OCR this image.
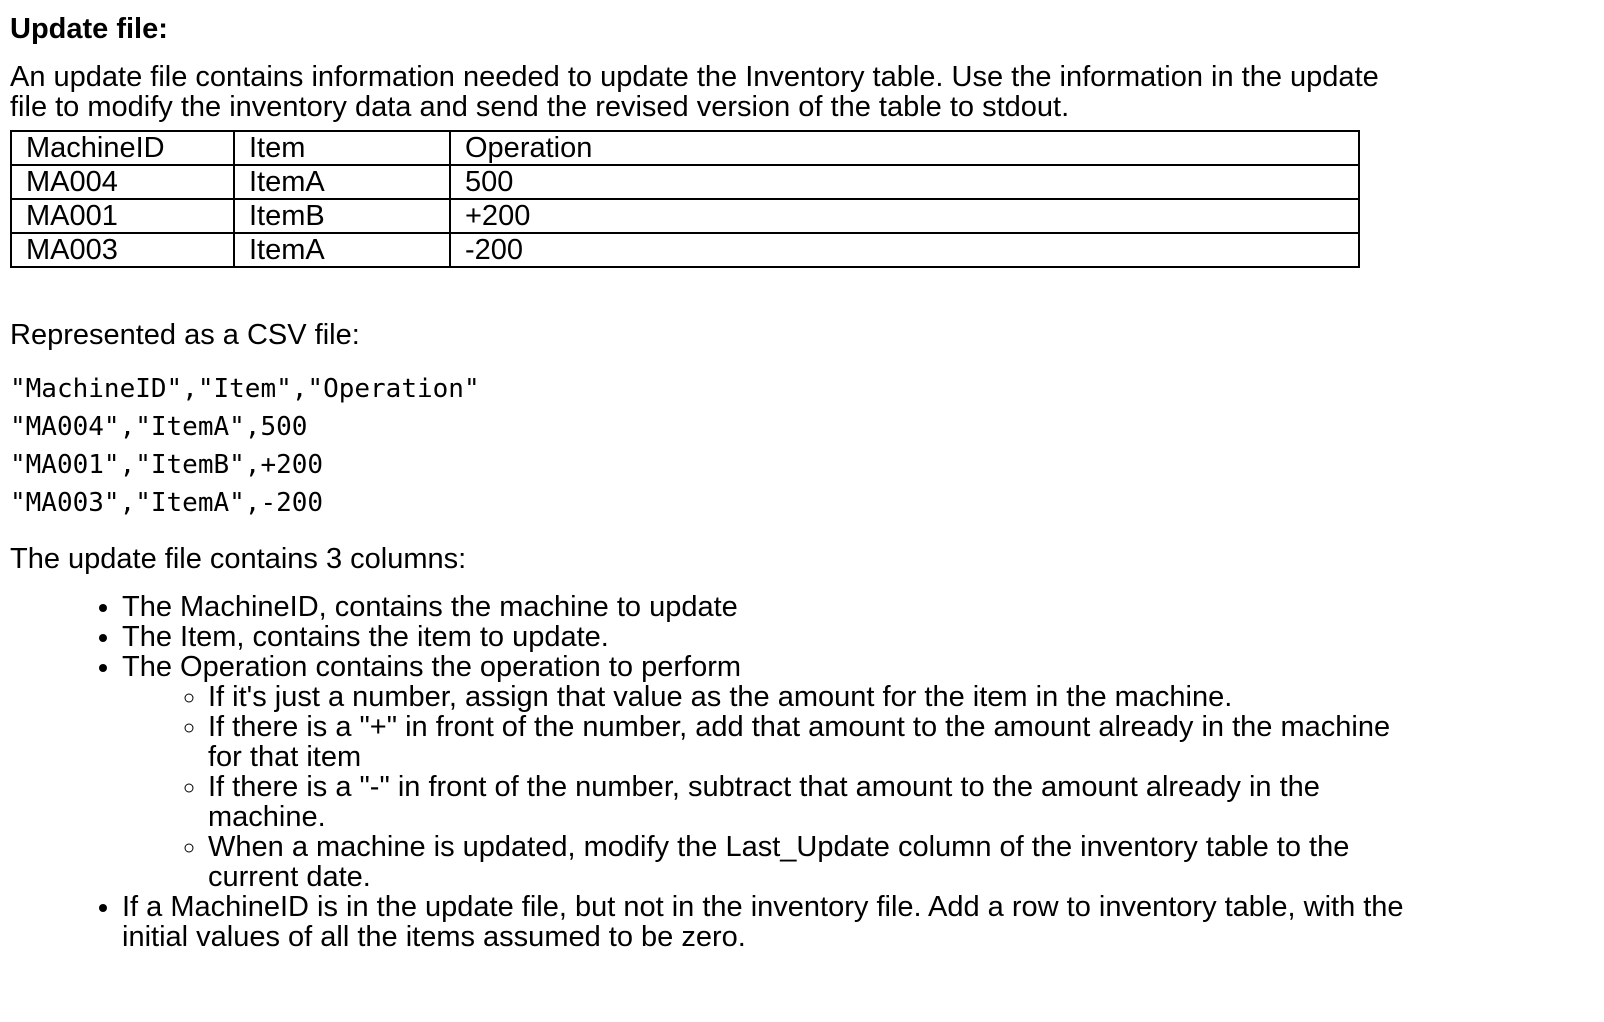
Update file:

An update file contains information needed to update the Inventory table. Use the information in the update file to modify the inventory data and send the revised version of the table to stdout.

MachineID	Item	Operation
MA004	ItemA	500
MA001	ItemB	+200
MA003	ItemA	-200

Represented as a CSV file:

"MachineID","Item","Operation"
"MA004","ItemA",500
"MA001","ItemB",+200
"MA003","ItemA",-200

The update file contains 3 columns:

• The MachineID, contains the machine to update
• The Item, contains the item to update.
• The Operation contains the operation to perform
◦ If it's just a number, assign that value as the amount for the item in the machine.
◦ If there is a "+" in front of the number, add that amount to the amount already in the machine for that item
◦ If there is a "-" in front of the number, subtract that amount to the amount already in the machine.
◦ When a machine is updated, modify the Last_Update column of the inventory table to the current date.
• If a MachineID is in the update file, but not in the inventory file. Add a row to inventory table, with the initial values of all the items assumed to be zero.
